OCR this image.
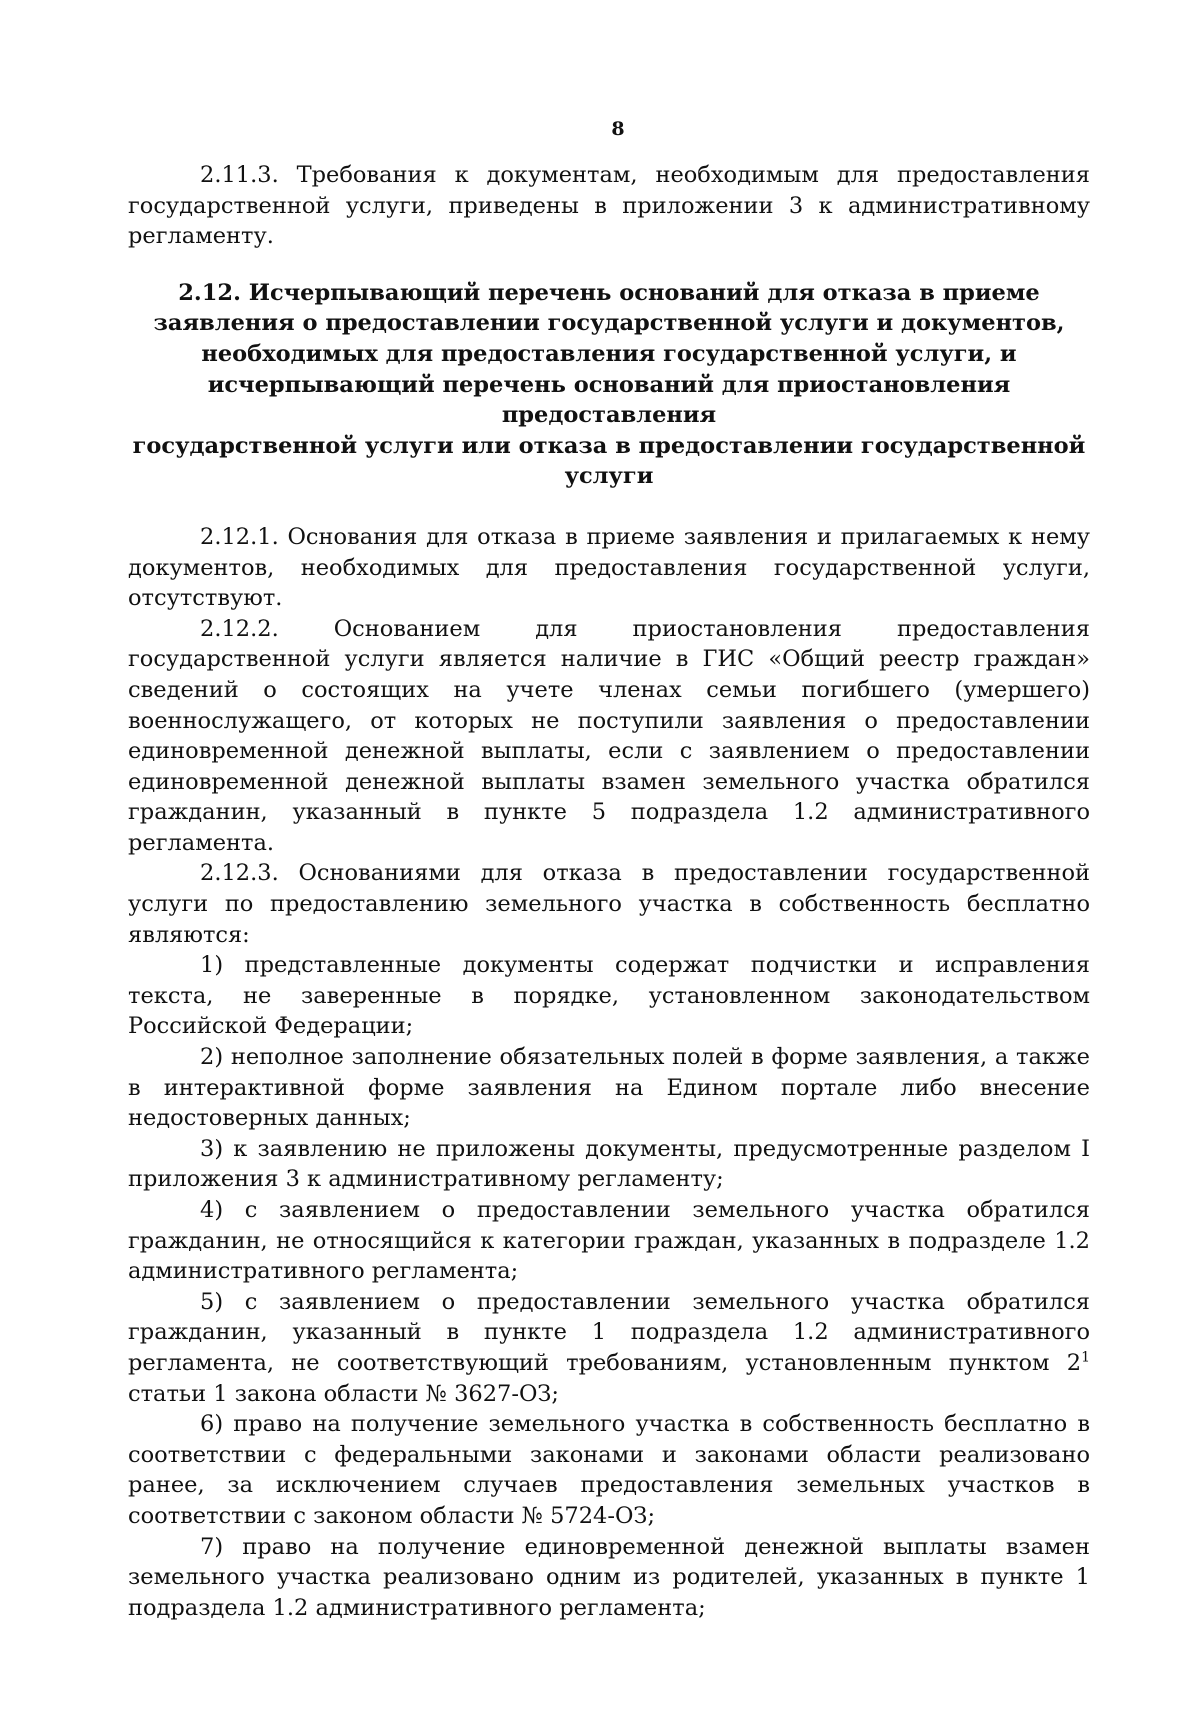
8

2.11.3. Требования к документам, необходимым для предоставления государственной услуги, приведены в приложении 3 к административному регламенту.

2.12. Исчерпывающий перечень оснований для отказа в приеме
заявления о предоставлении государственной услуги и документов,
необходимых для предоставления государственной услуги, и
исчерпывающий перечень оснований для приостановления предоставления
государственной услуги или отказа в предоставлении государственной
услуги

2.12.1. Основания для отказа в приеме заявления и прилагаемых к нему документов, необходимых для предоставления государственной услуги, отсутствуют.

2.12.2. Основанием для приостановления предоставления государственной услуги является наличие в ГИС «Общий реестр граждан» сведений о состоящих на учете членах семьи погибшего (умершего) военнослужащего, от которых не поступили заявления о предоставлении единовременной денежной выплаты, если с заявлением о предоставлении единовременной денежной выплаты взамен земельного участка обратился гражданин, указанный в пункте 5 подраздела 1.2 административного регламента.

2.12.3. Основаниями для отказа в предоставлении государственной услуги по предоставлению земельного участка в собственность бесплатно являются:

1) представленные документы содержат подчистки и исправления текста, не заверенные в порядке, установленном законодательством Российской Федерации;

2) неполное заполнение обязательных полей в форме заявления, а также в интерактивной форме заявления на Едином портале либо внесение недостоверных данных;

3) к заявлению не приложены документы, предусмотренные разделом I приложения 3 к административному регламенту;

4) с заявлением о предоставлении земельного участка обратился гражданин, не относящийся к категории граждан, указанных в подразделе 1.2 административного регламента;

5) с заявлением о предоставлении земельного участка обратился гражданин, указанный в пункте 1 подраздела 1.2 административного регламента, не соответствующий требованиям, установленным пунктом $2^1$ статьи 1 закона области № 3627-ОЗ;

6) право на получение земельного участка в собственность бесплатно в соответствии с федеральными законами и законами области реализовано ранее, за исключением случаев предоставления земельных участков в соответствии с законом области № 5724-ОЗ;

7) право на получение единовременной денежной выплаты взамен земельного участка реализовано одним из родителей, указанных в пункте 1 подраздела 1.2 административного регламента;
